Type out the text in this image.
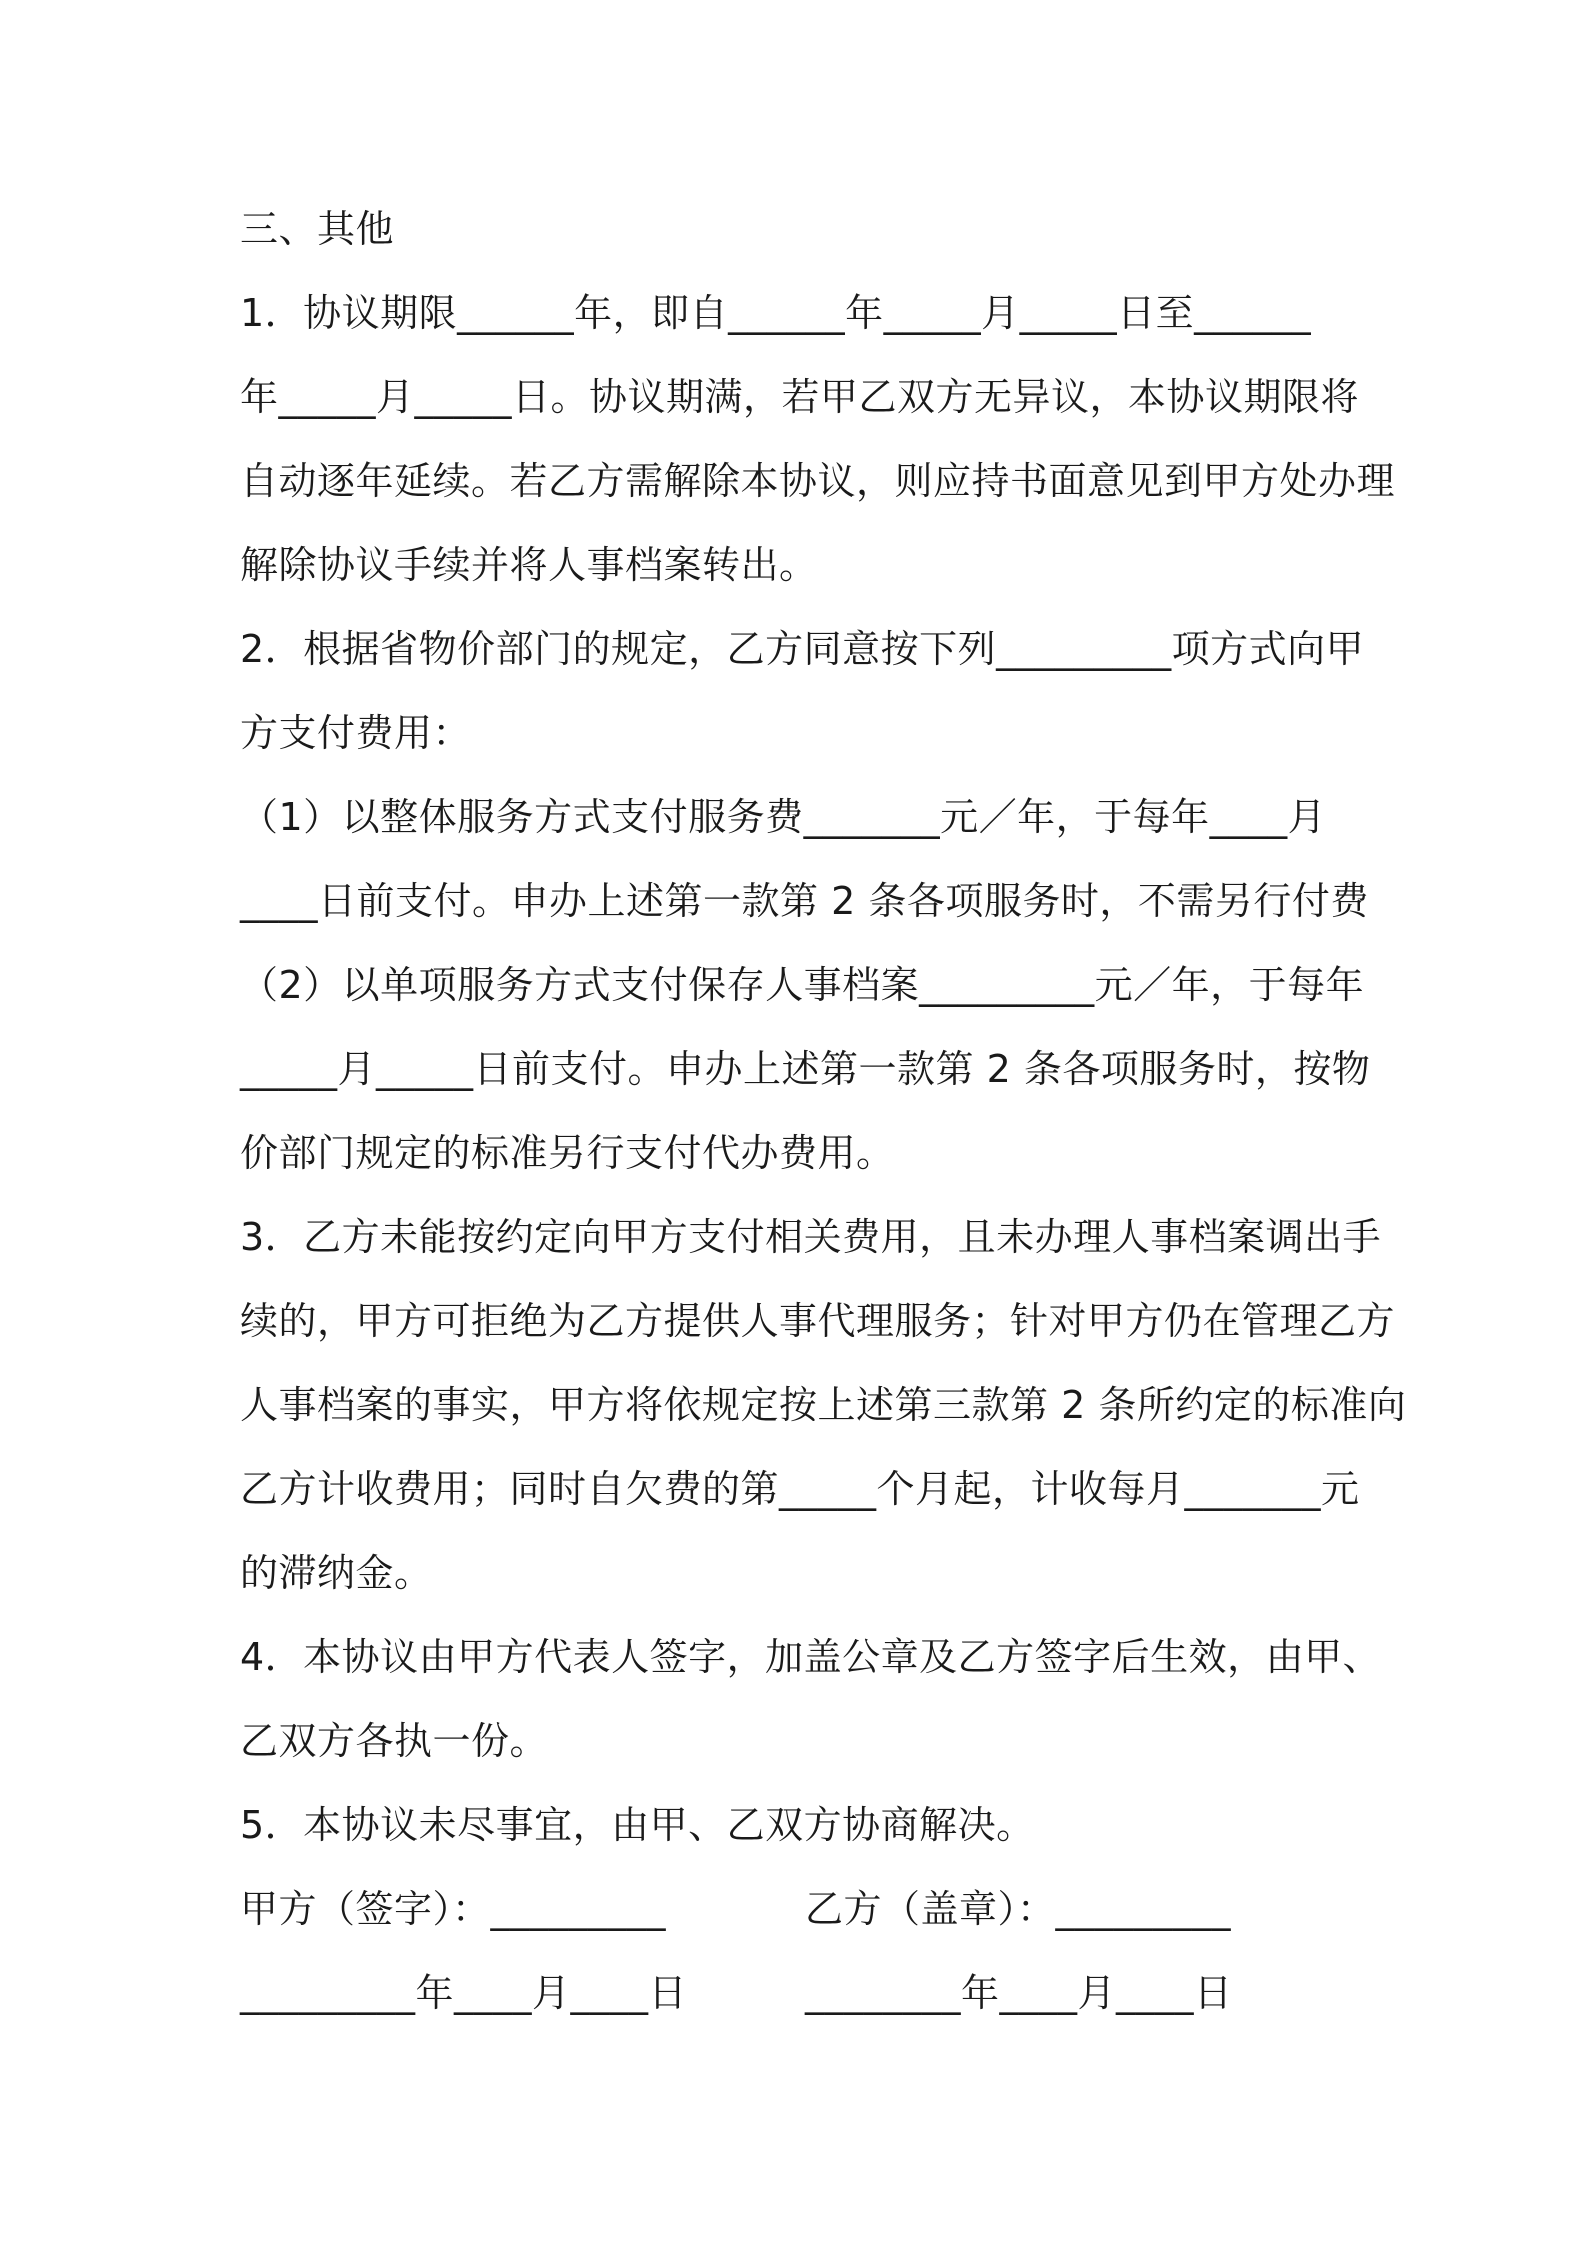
三、其他
1．协议期限______年，即自______年_____月_____日至______
年_____月_____日。协议期满，若甲乙双方无异议，本协议期限将
自动逐年延续。若乙方需解除本协议，则应持书面意见到甲方处办理
解除协议手续并将人事档案转出。
2．根据省物价部门的规定，乙方同意按下列_________项方式向甲
方支付费用：
（1）以整体服务方式支付服务费_______元／年，于每年____月
____日前支付。申办上述第一款第 2 条各项服务时，不需另行付费
（2）以单项服务方式支付保存人事档案_________元／年，于每年
_____月_____日前支付。申办上述第一款第 2 条各项服务时，按物
价部门规定的标准另行支付代办费用。
3．乙方未能按约定向甲方支付相关费用，且未办理人事档案调出手
续的，甲方可拒绝为乙方提供人事代理服务；针对甲方仍在管理乙方
人事档案的事实，甲方将依规定按上述第三款第 2 条所约定的标准向
乙方计收费用；同时自欠费的第_____个月起，计收每月_______元
的滞纳金。
4．本协议由甲方代表人签字，加盖公章及乙方签字后生效，由甲、
乙双方各执一份。
5．本协议未尽事宜，由甲、乙双方协商解决。
甲方（签字）：_________	乙方（盖章）：_________
_________年____月____日	________年____月____日
